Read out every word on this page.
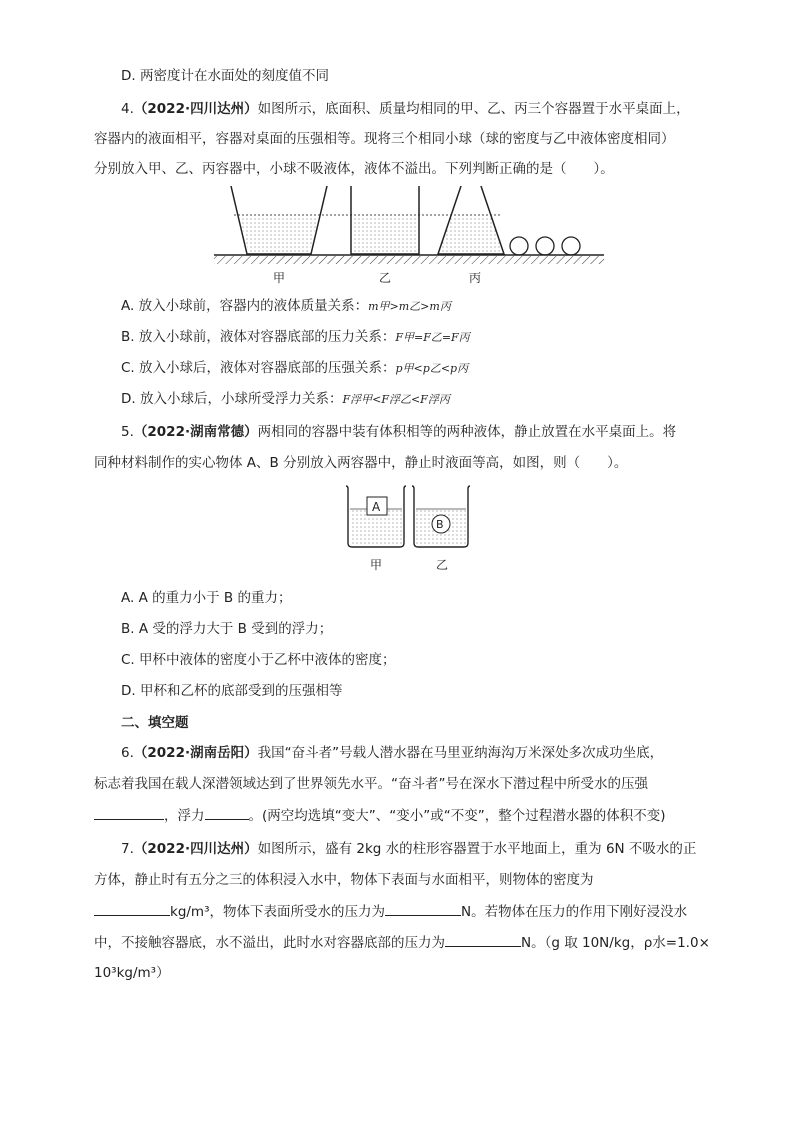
D. 两密度计在水面处的刻度值不同
4.（2022·四川达州）如图所示，底面积、质量均相同的甲、乙、丙三个容器置于水平桌面上，
容器内的液面相平，容器对桌面的压强相等。现将三个相同小球（球的密度与乙中液体密度相同）
分别放入甲、乙、丙容器中，小球不吸液体，液体不溢出。下列判断正确的是（　　）。
甲	乙	丙
A. 放入小球前，容器内的液体质量关系：m甲>m乙>m丙
B. 放入小球前，液体对容器底部的压力关系：F甲=F乙=F丙
C. 放入小球后，液体对容器底部的压强关系：p甲<p乙<p丙
D. 放入小球后，小球所受浮力关系：F浮甲<F浮乙<F浮丙
5.（2022·湖南常德）两相同的容器中装有体积相等的两种液体，静止放置在水平桌面上。将
同种材料制作的实心物体 A、B 分别放入两容器中，静止时液面等高，如图，则（　　）。
A
B
甲	乙
A. A 的重力小于 B 的重力；
B. A 受的浮力大于 B 受到的浮力；
C. 甲杯中液体的密度小于乙杯中液体的密度；
D. 甲杯和乙杯的底部受到的压强相等
二、填空题
6.（2022·湖南岳阳）我国“奋斗者”号载人潜水器在马里亚纳海沟万米深处多次成功坐底，
标志着我国在载人深潜领域达到了世界领先水平。“奋斗者”号在深水下潜过程中所受水的压强
，浮力	。(两空均选填“变大”、“变小”或“不变”，整个过程潜水器的体积不变)
7.（2022·四川达州）如图所示，盛有 2kg 水的柱形容器置于水平地面上，重为 6N 不吸水的正
方体，静止时有五分之三的体积浸入水中，物体下表面与水面相平，则物体的密度为
kg/m³，物体下表面所受水的压力为	N。若物体在压力的作用下刚好浸没水
中，不接触容器底，水不溢出，此时水对容器底部的压力为	N。（g 取 10N/kg，ρ水=1.0×
10³kg/m³）
